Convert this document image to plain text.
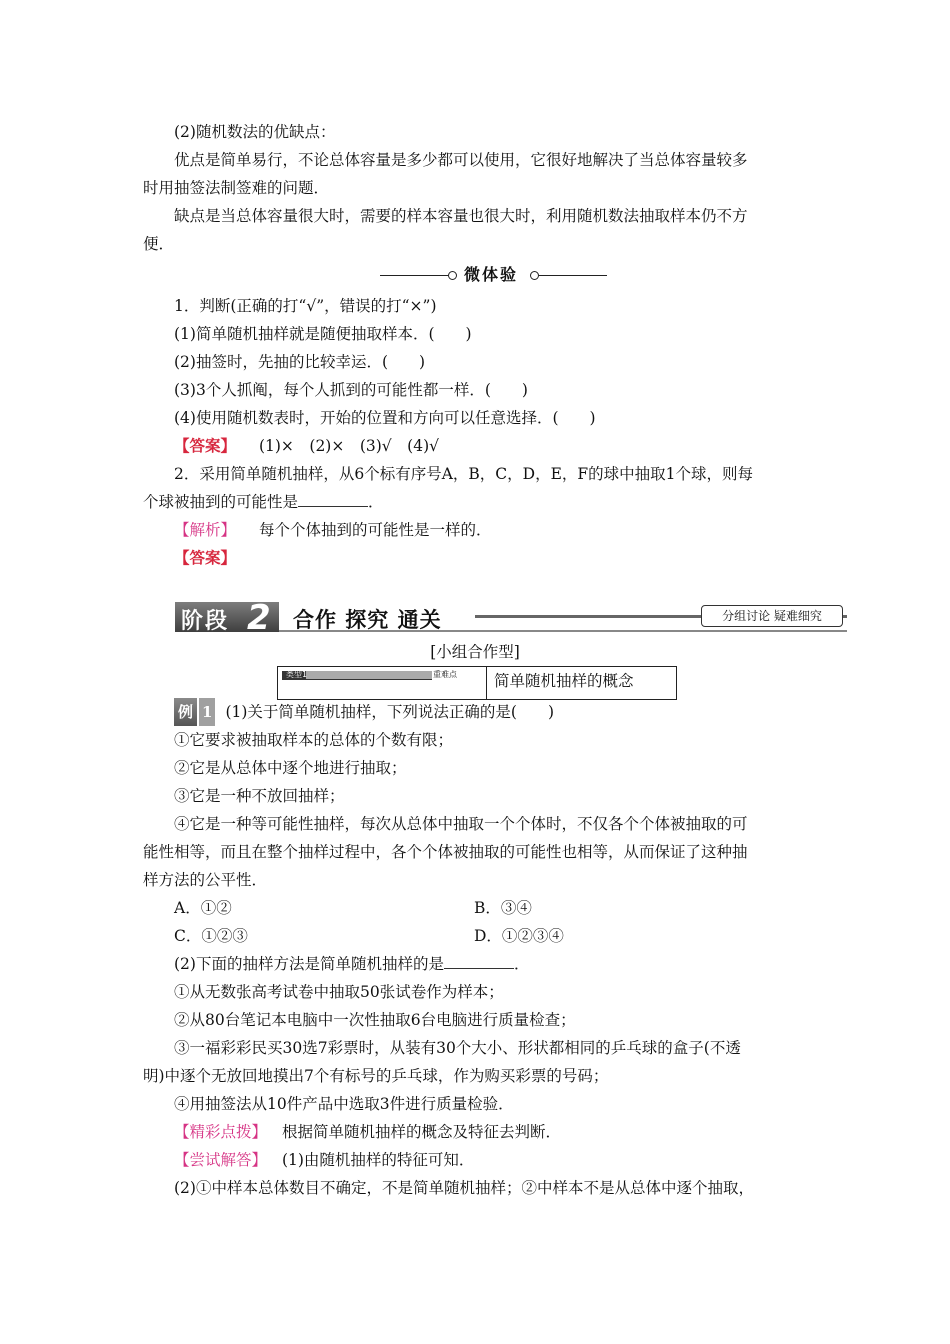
(2)随机数法的优缺点：

优点是简单易行，不论总体容量是多少都可以使用，它很好地解决了当总体容量较多

时用抽签法制签难的问题．

缺点是当总体容量很大时，需要的样本容量也很大时，利用随机数法抽取样本仍不方

便．

微体验

1．判断(正确的打“√”，错误的打“×”)

(1)简单随机抽样就是随便抽取样本．(　　)

(2)抽签时，先抽的比较幸运．(　　)

(3)3个人抓阄，每个人抓到的可能性都一样．(　　)

(4)使用随机数表时，开始的位置和方向可以任意选择．(　　)

【答案】 (1)×　(2)×　(3)√　(4)√

2．采用简单随机抽样，从6个标有序号A，B，C，D，E，F的球中抽取1个球，则每

个球被抽到的可能性是	．

【解析】 每个个体抽到的可能性是一样的．

【答案】

阶段 2	合作 探究 通关	分组讨论 疑难细究
[小组合作型]
类型1	重难点 简单随机抽样的概念

例 1 (1)关于简单随机抽样，下列说法正确的是(　　)

①它要求被抽取样本的总体的个数有限；

②它是从总体中逐个地进行抽取；

③它是一种不放回抽样；

④它是一种等可能性抽样，每次从总体中抽取一个个体时，不仅各个个体被抽取的可

能性相等，而且在整个抽样过程中，各个个体被抽取的可能性也相等，从而保证了这种抽

样方法的公平性．

A．①②	B．③④

C．①②③	D．①②③④

(2)下面的抽样方法是简单随机抽样的是	．

①从无数张高考试卷中抽取50张试卷作为样本；

②从80台笔记本电脑中一次性抽取6台电脑进行质量检查；

③一福彩彩民买30选7彩票时，从装有30个大小、形状都相同的乒乓球的盒子(不透

明)中逐个无放回地摸出7个有标号的乒乓球，作为购买彩票的号码；

④用抽签法从10件产品中选取3件进行质量检验．

【精彩点拨】 根据简单随机抽样的概念及特征去判断．

【尝试解答】 (1)由随机抽样的特征可知．

(2)①中样本总体数目不确定，不是简单随机抽样；②中样本不是从总体中逐个抽取，
